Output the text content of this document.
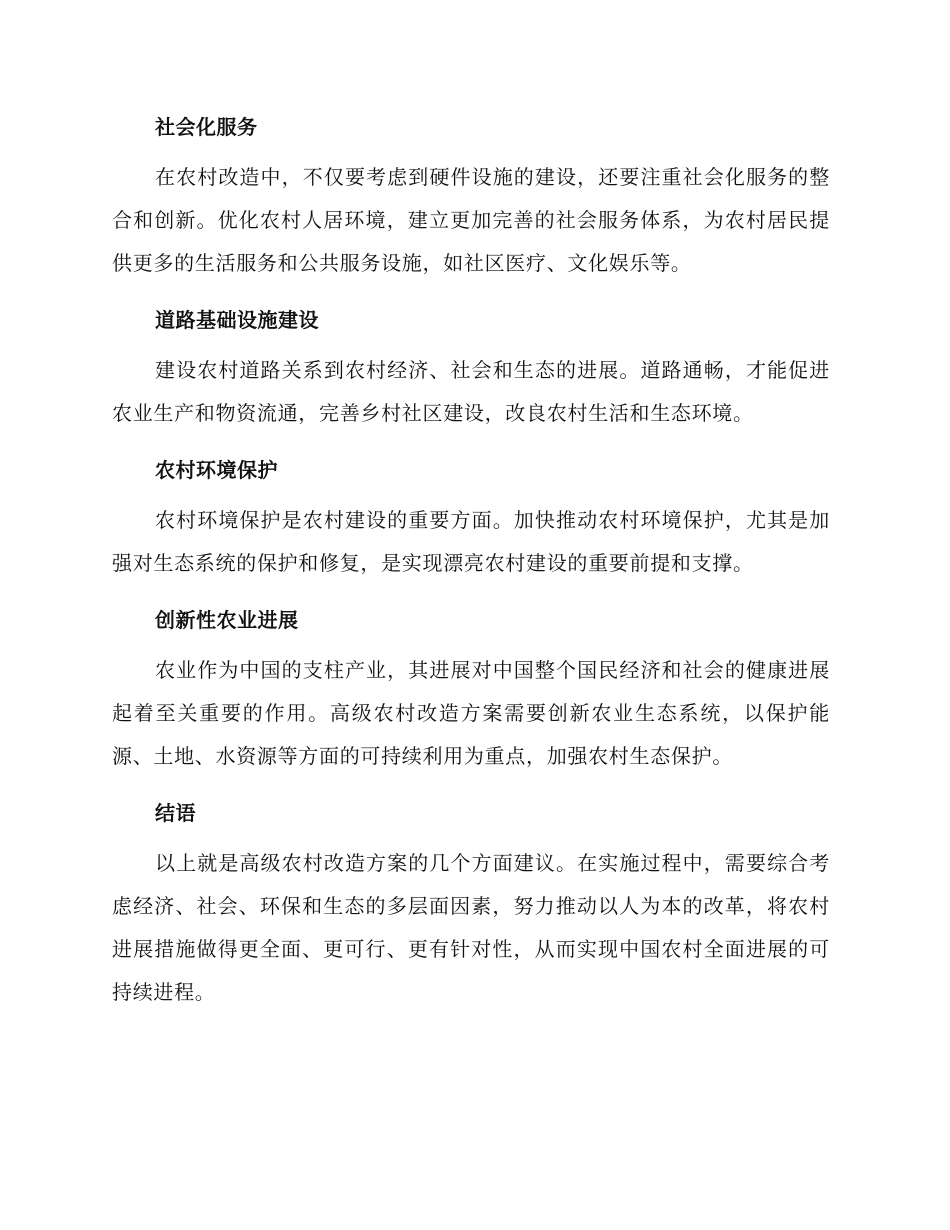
社会化服务

在农村改造中，不仅要考虑到硬件设施的建设，还要注重社会化服务的整合和创新。优化农村人居环境，建立更加完善的社会服务体系，为农村居民提供更多的生活服务和公共服务设施，如社区医疗、文化娱乐等。

道路基础设施建设

建设农村道路关系到农村经济、社会和生态的进展。道路通畅，才能促进农业生产和物资流通，完善乡村社区建设，改良农村生活和生态环境。

农村环境保护

农村环境保护是农村建设的重要方面。加快推动农村环境保护，尤其是加强对生态系统的保护和修复，是实现漂亮农村建设的重要前提和支撑。

创新性农业进展

农业作为中国的支柱产业，其进展对中国整个国民经济和社会的健康进展起着至关重要的作用。高级农村改造方案需要创新农业生态系统，以保护能源、土地、水资源等方面的可持续利用为重点，加强农村生态保护。

结语

以上就是高级农村改造方案的几个方面建议。在实施过程中，需要综合考虑经济、社会、环保和生态的多层面因素，努力推动以人为本的改革，将农村进展措施做得更全面、更可行、更有针对性，从而实现中国农村全面进展的可持续进程。
